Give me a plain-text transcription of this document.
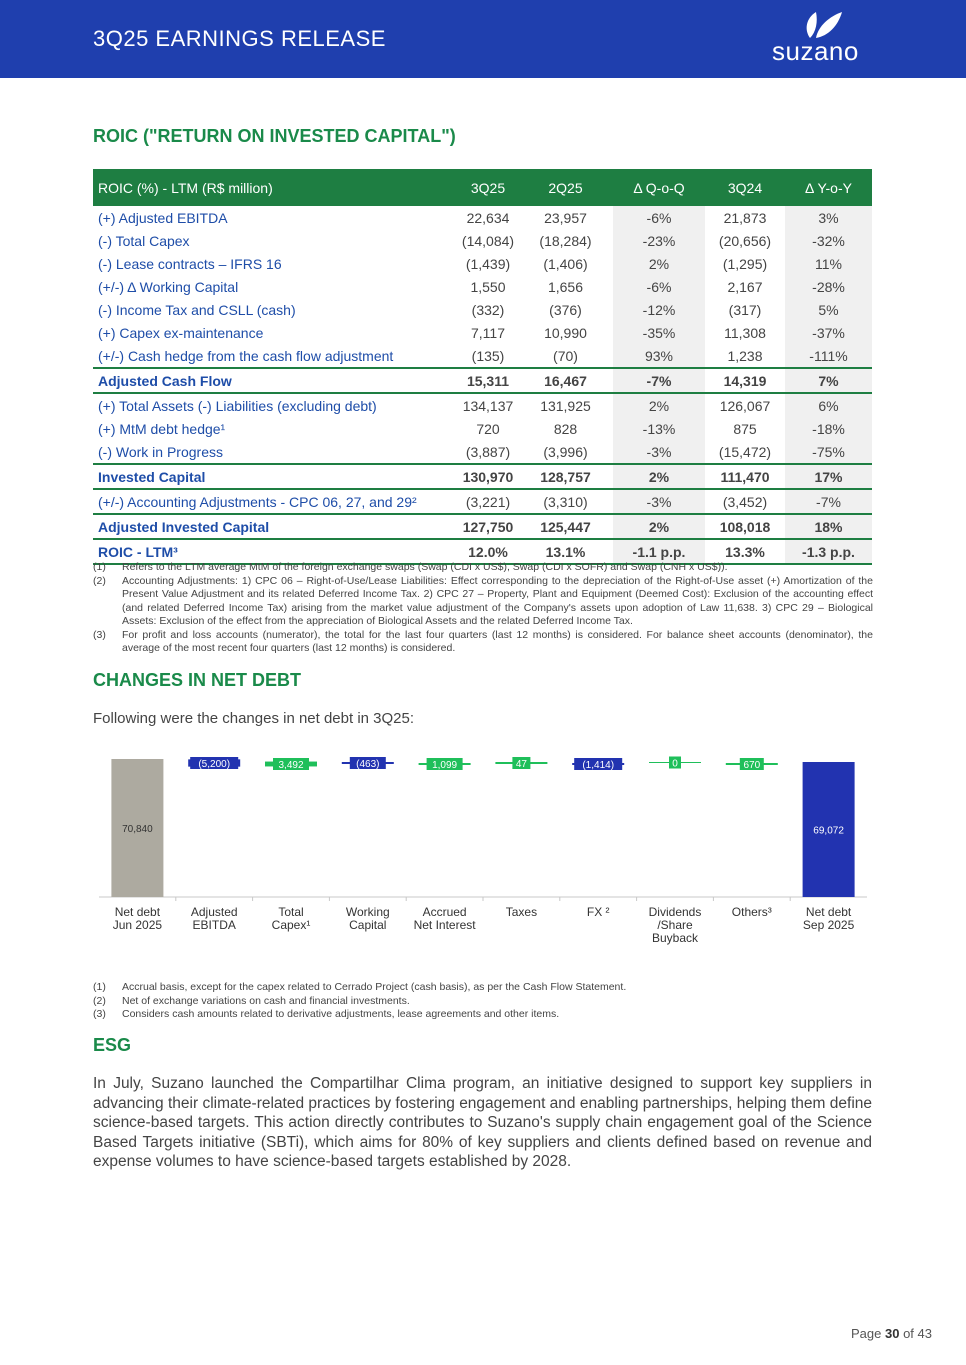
3Q25 EARNINGS RELEASE	suzano
ROIC ("RETURN ON INVESTED CAPITAL")
ROIC (%) - LTM (R$ million)	3Q25	2Q25	Δ Q-o-Q	3Q24	Δ Y-o-Y
(+) Adjusted EBITDA	22,634	23,957	-6%	21,873	3%
(-) Total Capex	(14,084)	(18,284)	-23%	(20,656)	-32%
(-) Lease contracts – IFRS 16	(1,439)	(1,406)	2%	(1,295)	11%
(+/-) Δ Working Capital	1,550	1,656	-6%	2,167	-28%
(-) Income Tax and CSLL (cash)	(332)	(376)	-12%	(317)	5%
(+) Capex ex-maintenance	7,117	10,990	-35%	11,308	-37%
(+/-) Cash hedge from the cash flow adjustment	(135)	(70)	93%	1,238	-111%
Adjusted Cash Flow	15,311	16,467	-7%	14,319	7%
(+) Total Assets (-) Liabilities (excluding debt)	134,137	131,925	2%	126,067	6%
(+) MtM debt hedge¹	720	828	-13%	875	-18%
(-) Work in Progress	(3,887)	(3,996)	-3%	(15,472)	-75%
Invested Capital	130,970	128,757	2%	111,470	17%
(+/-) Accounting Adjustments - CPC 06, 27, and 29²	(3,221)	(3,310)	-3%	(3,452)	-7%
Adjusted Invested Capital	127,750	125,447	2%	108,018	18%
ROIC - LTM³	12.0%	13.1%	-1.1 p.p.	13.3%	-1.3 p.p.
(1)	Refers to the LTM average MtM of the foreign exchange swaps (Swap (CDI x US$), Swap (CDI x SOFR) and Swap (CNH x US$)).
(2)	Accounting Adjustments: 1) CPC 06 – Right-of-Use/Lease Liabilities: Effect corresponding to the depreciation of the Right-of-Use asset (+) Amortization of the Present Value Adjustment and its related Deferred Income Tax. 2) CPC 27 – Property, Plant and Equipment (Deemed Cost): Exclusion of the accounting effect (and related Deferred Income Tax) arising from the market value adjustment of the Company's assets upon adoption of Law 11,638. 3) CPC 29 – Biological Assets: Exclusion of the effect from the appreciation of Biological Assets and the related Deferred Income Tax.
(3)	For profit and loss accounts (numerator), the total for the last four quarters (last 12 months) is considered. For balance sheet accounts (denominator), the average of the most recent four quarters (last 12 months) is considered.
CHANGES IN NET DEBT
Following were the changes in net debt in 3Q25:
70,840
Net debt
Jun 2025
(5,200)
Adjusted
EBITDA
3,492
Total
Capex¹
(463)
Working
Capital
1,099
Accrued
Net Interest
47
Taxes
(1,414)
FX ²
0
Dividends
/Share
Buyback
670
Others³
69,072
Net debt
Sep 2025
(1)	Accrual basis, except for the capex related to Cerrado Project (cash basis), as per the Cash Flow Statement.
(2)	Net of exchange variations on cash and financial investments.
(3)	Considers cash amounts related to derivative adjustments, lease agreements and other items.
ESG
In July, Suzano launched the Compartilhar Clima program, an initiative designed to support key suppliers in advancing their climate-related practices by fostering engagement and enabling partnerships, helping them define science-based targets. This action directly contributes to Suzano's supply chain engagement goal of the Science Based Targets initiative (SBTi), which aims for 80% of key suppliers and clients defined based on revenue and expense volumes to have science-based targets established by 2028.
Page 30 of 43
